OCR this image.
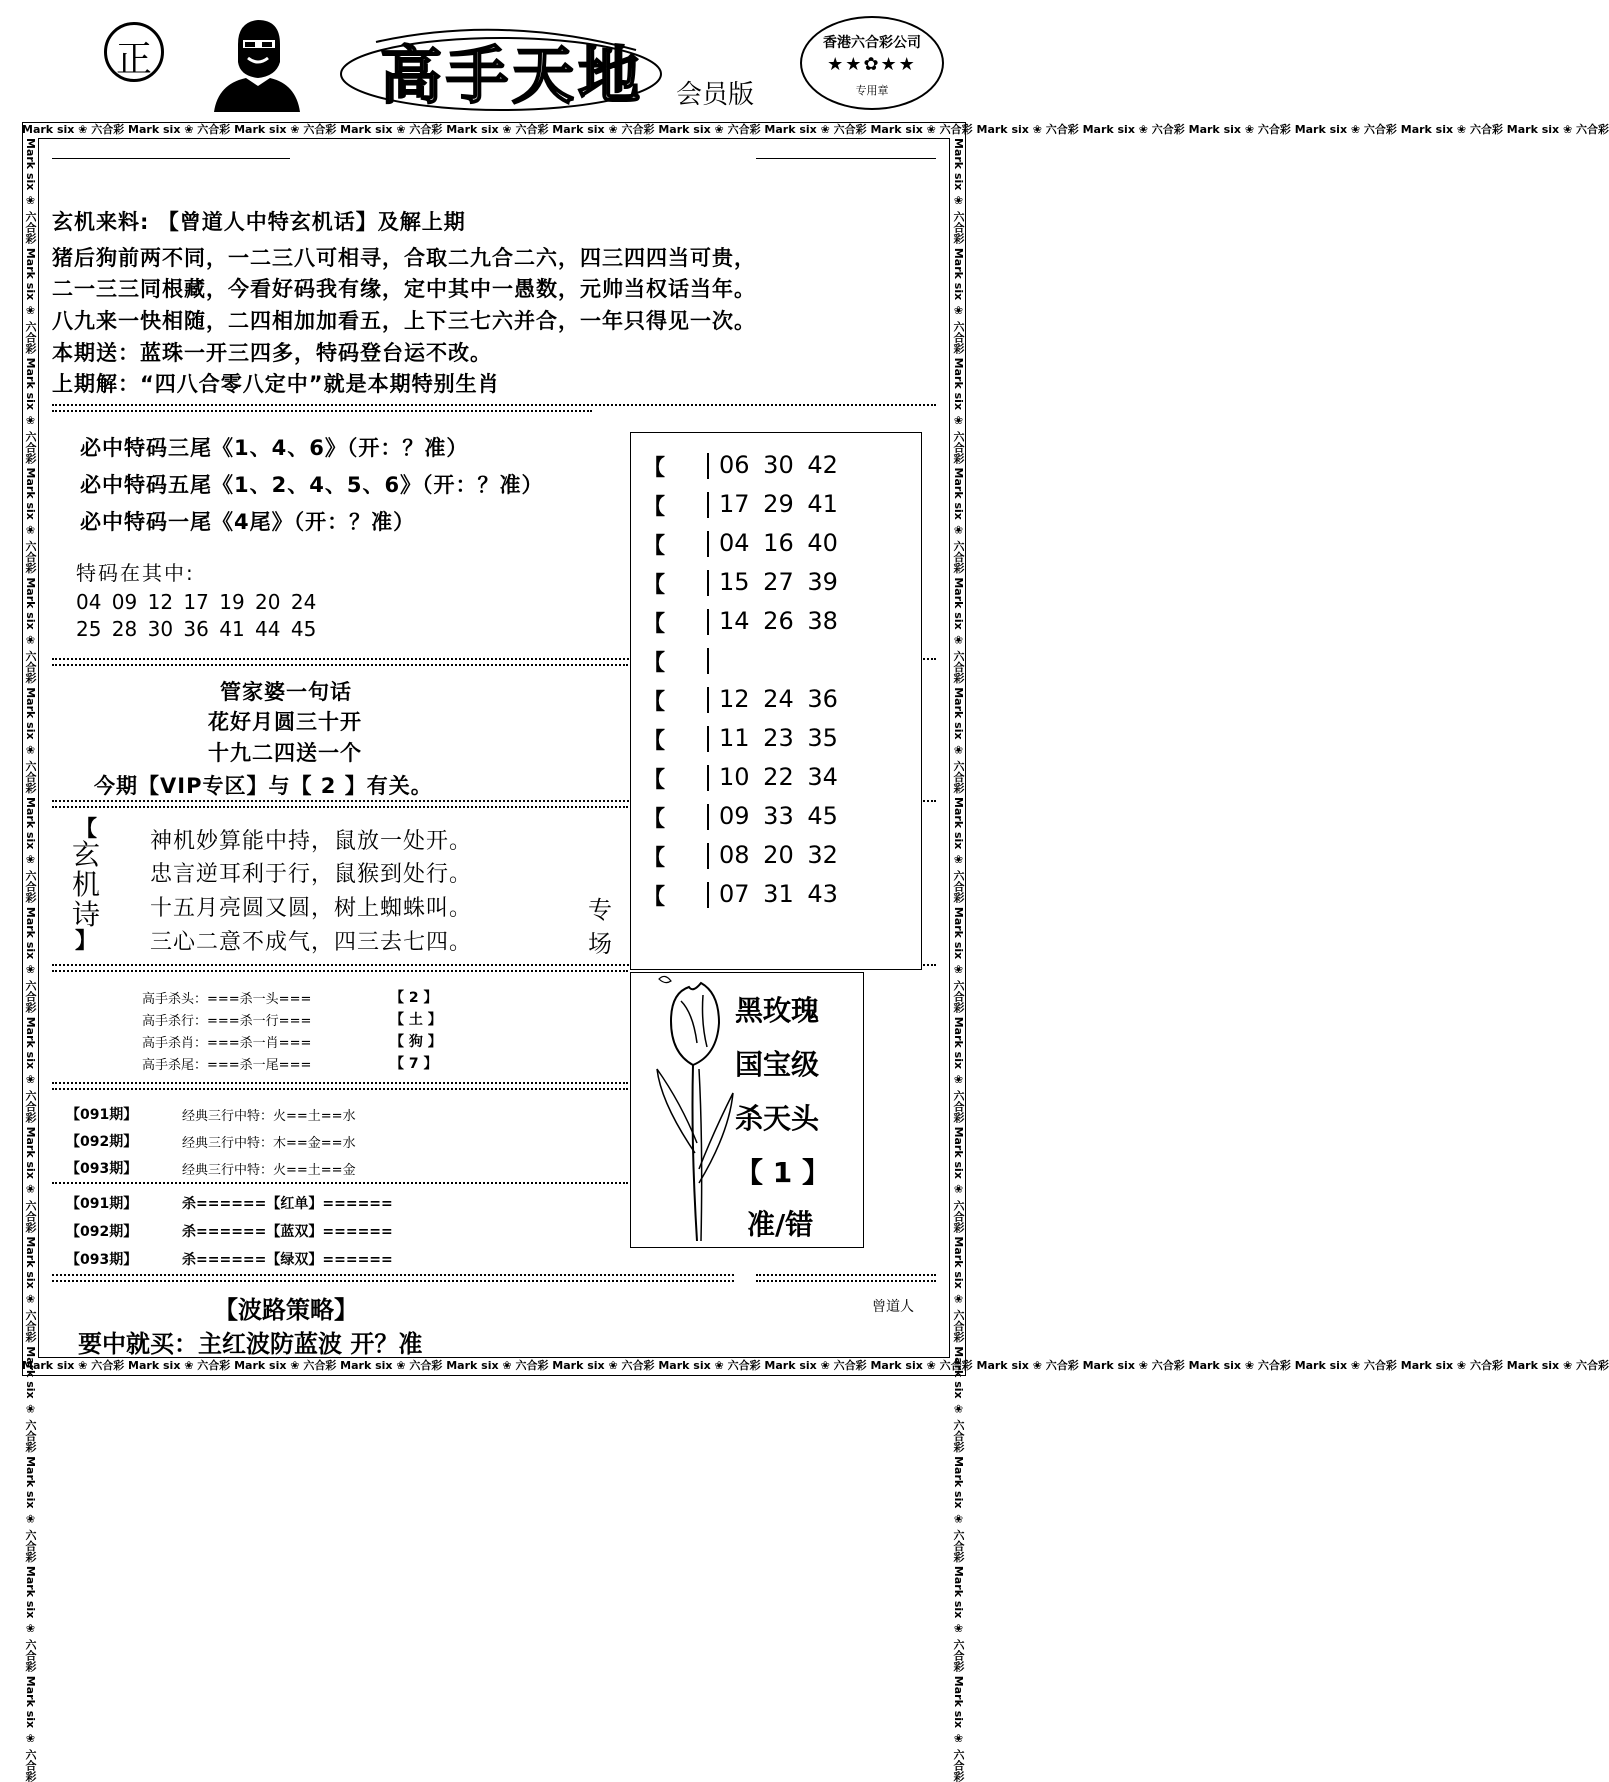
正	高手天地 会员版
香港六合彩公司
★★✿★★
专用章
Mark six ❀ 六合彩 Mark six ❀ 六合彩 Mark six ❀ 六合彩 Mark six ❀ 六合彩 Mark six ❀ 六合彩 Mark six ❀ 六合彩 Mark six ❀ 六合彩 Mark six ❀ 六合彩 Mark six ❀ 六合彩 Mark six ❀ 六合彩 Mark six ❀ 六合彩 Mark six ❀ 六合彩 Mark six ❀ 六合彩 Mark six ❀ 六合彩 Mark six ❀ 六合彩
Mark six ❀ 六合彩 Mark six ❀ 六合彩 Mark six ❀ 六合彩 Mark six ❀ 六合彩 Mark six ❀ 六合彩 Mark six ❀ 六合彩 Mark six ❀ 六合彩 Mark six ❀ 六合彩 Mark six ❀ 六合彩 Mark six ❀ 六合彩 Mark six ❀ 六合彩 Mark six ❀ 六合彩 Mark six ❀ 六合彩 Mark six ❀ 六合彩 Mark six ❀ 六合彩
Mark six ❀ 六合彩 Mark six ❀ 六合彩 Mark six ❀ 六合彩 Mark six ❀ 六合彩 Mark six ❀ 六合彩 Mark six ❀ 六合彩 Mark six ❀ 六合彩 Mark six ❀ 六合彩 Mark six ❀ 六合彩 Mark six ❀ 六合彩 Mark six ❀ 六合彩 Mark six ❀ 六合彩 Mark six ❀ 六合彩 Mark six ❀ 六合彩 Mark six ❀ 六合彩	Mark six ❀ 六合彩 Mark six ❀ 六合彩 Mark six ❀ 六合彩 Mark six ❀ 六合彩 Mark six ❀ 六合彩 Mark six ❀ 六合彩 Mark six ❀ 六合彩 Mark six ❀ 六合彩 Mark six ❀ 六合彩 Mark six ❀ 六合彩 Mark six ❀ 六合彩 Mark six ❀ 六合彩 Mark six ❀ 六合彩 Mark six ❀ 六合彩 Mark six ❀ 六合彩
玄机来料: 【曾道人中特玄机话】及解上期
猪后狗前两不同，一二三八可相寻，合取二九合二六，四三四四当可贵，
二一三三同根藏，今看好码我有缘，定中其中一愚数，元帅当权话当年。
八九来一快相随，二四相加加看五，上下三七六并合，一年只得见一次。
本期送：蓝珠一开三四多，特码登台运不改。
上期解：“四八合零八定中”就是本期特别生肖
必中特码三尾《1、4、6》（开：？准）
必中特码五尾《1、2、4、5、6》（开：？准）
必中特码一尾《4尾》（开：？准）
特码在其中:
04 09 12 17 19 20 24
25 28 30 36 41 44 45
管家婆一句话
花好月圆三十开
十九二四送一个
今期【VIP专区】与【 2 】有关。
【
玄
机
诗
】
神机妙算能中持，鼠放一处开。
忠言逆耳利于行，鼠猴到处行。
十五月亮圆又圆，树上蜘蛛叫。
三心二意不成气，四三去七四。
专
场
【 06 30 42
【 17 29 41
【 04 16 40
【 15 27 39
【 14 26 38
【
【 12 24 36
【 11 23 35
【 10 22 34
【 09 33 45
【 08 20 32
【 07 31 43
高手杀头：===杀一头===	【 2 】
高手杀行：===杀一行===	【 土 】
高手杀肖：===杀一肖===	【 狗 】
高手杀尾：===杀一尾===	【 7 】
【091期】	经典三行中特：火==土==水
【092期】	经典三行中特：木==金==水
【093期】	经典三行中特：火==土==金
【091期】	杀======【红单】======
【092期】	杀======【蓝双】======
【093期】	杀======【绿双】======
黑玫瑰
国宝级
杀天头
【 1 】
准/错
【波路策略】
要中就买：主红波防蓝波 开？准
曾道人
